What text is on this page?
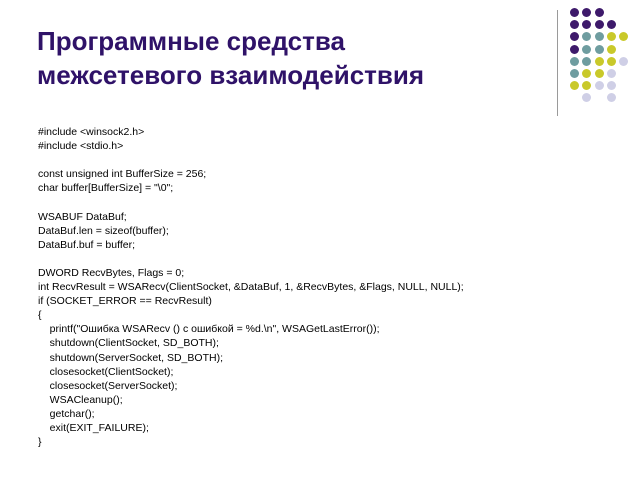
Программные средства
межсетевого взаимодействия
#include <winsock2.h>
#include <stdio.h>
const unsigned int BufferSize = 256;
char buffer[BufferSize] = "\0";
WSABUF DataBuf;
DataBuf.len = sizeof(buffer);
DataBuf.buf = buffer;
DWORD RecvBytes, Flags = 0;
int RecvResult = WSARecv(ClientSocket, &DataBuf, 1, &RecvBytes, &Flags, NULL, NULL);
if (SOCKET_ERROR == RecvResult)
{
printf("Ошибка WSARecv () с ошибкой = %d.\n", WSAGetLastError());
shutdown(ClientSocket, SD_BOTH);
shutdown(ServerSocket, SD_BOTH);
closesocket(ClientSocket);
closesocket(ServerSocket);
WSACleanup();
getchar();
exit(EXIT_FAILURE);
}
